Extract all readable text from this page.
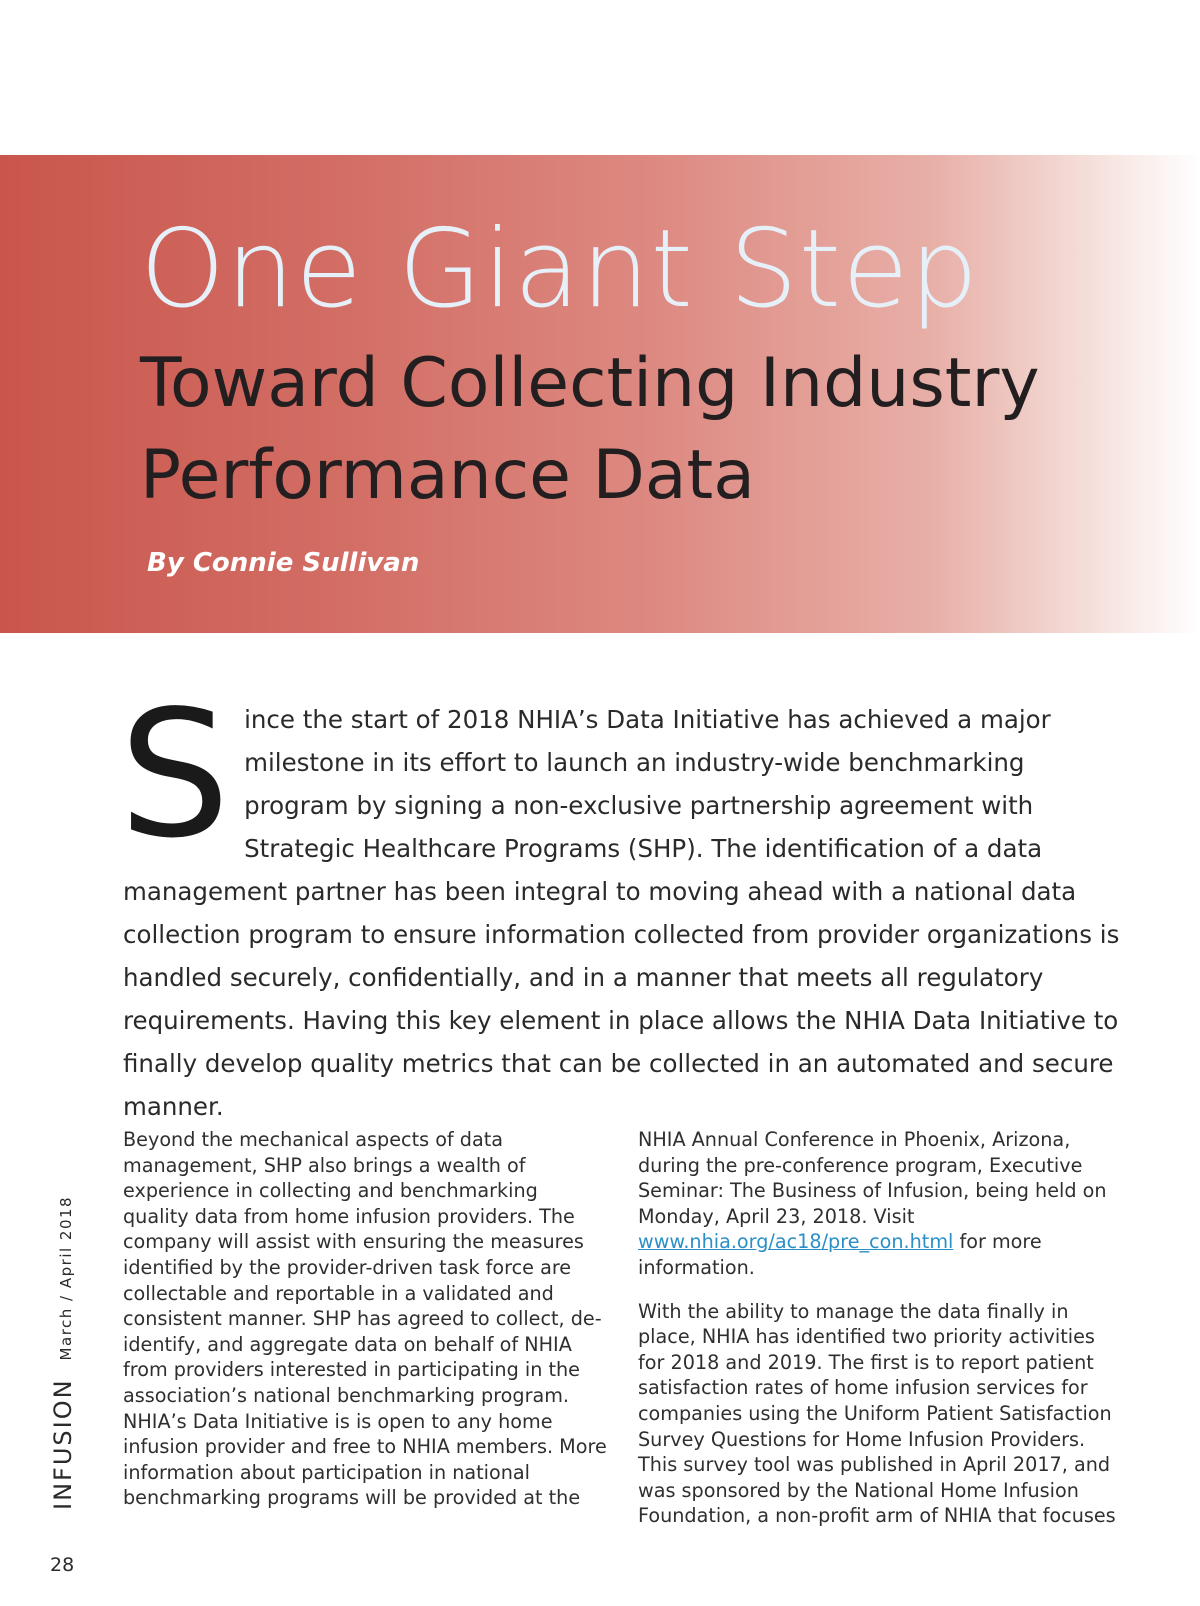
One Giant Step
Toward Collecting Industry
Performance Data
By Connie Sullivan

Since the start of 2018 NHIA’s Data Initiative has achieved a major milestone in its effort to launch an industry-wide benchmarking program by signing a non-exclusive partnership agreement with Strategic Healthcare Programs (SHP). The identification of a data management partner has been integral to moving ahead with a national data collection program to ensure information collected from provider organizations is handled securely, confidentially, and in a manner that meets all regulatory requirements. Having this key element in place allows the NHIA Data Initiative to finally develop quality metrics that can be collected in an automated and secure manner.

Beyond the mechanical aspects of data management, SHP also brings a wealth of experience in collecting and benchmarking quality data from home infusion providers. The company will assist with ensuring the measures identified by the provider-driven task force are collectable and reportable in a validated and consistent manner. SHP has agreed to collect, de-identify, and aggregate data on behalf of NHIA from providers interested in participating in the association’s national benchmarking program. NHIA’s Data Initiative is is open to any home infusion provider and free to NHIA members. More information about participation in national benchmarking programs will be provided at the

NHIA Annual Conference in Phoenix, Arizona, during the pre-conference program, Executive Seminar: The Business of Infusion, being held on Monday, April 23, 2018. Visit www.nhia.org/ac18/pre_con.html for more information.

With the ability to manage the data finally in place, NHIA has identified two priority activities for 2018 and 2019. The first is to report patient satisfaction rates of home infusion services for companies using the Uniform Patient Satisfaction Survey Questions for Home Infusion Providers. This survey tool was published in April 2017, and was sponsored by the National Home Infusion Foundation, a non-profit arm of NHIA that focuses

INFUSIONMarch / April 2018
28
